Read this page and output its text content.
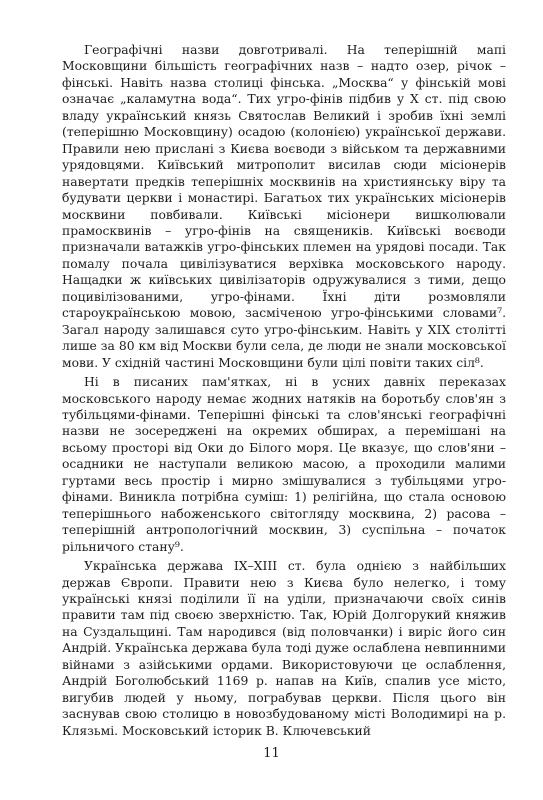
Географічні назви довготривалі. На теперішній мапі Московщини більшість географічних назв – надто озер, річок – фінські. Навіть назва столиці фінська. „Москва“ у фінській мові означає „каламутна вода“. Тих угро-фінів підбив у Х ст. під свою владу український князь Святослав Великий і зробив їхні землі (теперішню Московщину) осадою (колонією) української держави. Правили нею прислані з Києва воєводи з військом та державними урядовцями. Київський митрополит висилав сюди місіонерів навертати предків теперішніх москвинів на християнську віру та будувати церкви і монастирі. Багатьох тих українських місіонерів москвини повбивали. Київські місіонери вишколювали прамосквинів – угро-фінів на священиків. Київські воєводи призначали ватажків угро-фінських племен на урядові посади. Так помалу почала цивілізуватися верхівка московського народу. Нащадки ж київських цивілізаторів одружувалися з тими, дещо поцивілізованими, угро-фінами. Їхні діти розмовляли староукраїнською мовою, засміченою угро-фінськими словами⁷. Загал народу залишався суто угро-фінським. Навіть у XIX столітті лише за 80 км від Москви були села, де люди не знали московської мови. У східній частині Московщини були цілі повіти таких сіл⁸.

Ні в писаних пам'ятках, ні в усних давніх переказах московського народу немає жодних натяків на боротьбу слов'ян з тубільцями-фінами. Теперішні фінські та слов'янські географічні назви не зосереджені на окремих обширах, а перемішані на всьому просторі від Оки до Білого моря. Це вказує, що слов'яни – осадники не наступали великою масою, а проходили малими гуртами весь простір і мирно змішувалися з тубільцями угро-фінами. Виникла потрібна суміш: 1) релігійна, що стала основою теперішнього набоженського світогляду москвина, 2) расова – теперішній антропологічний москвин, 3) суспільна – початок рільничого стану⁹.

Українська держава IX–XIII ст. була однією з найбільших держав Європи. Правити нею з Києва було нелегко, і тому українські князі поділили її на уділи, призначаючи своїх синів правити там під своєю зверхністю. Так, Юрій Долгорукий княжив на Суздальщині. Там народився (від половчанки) і виріс його син Андрій. Українська держава була тоді дуже ослаблена невпинними війнами з азійськими ордами. Використовуючи це ослаблення, Андрій Боголюбський 1169 р. напав на Київ, спалив усе місто, вигубив людей у ньому, пограбував церкви. Після цього він заснував свою столицю в новозбудованому місті Володимирі на р. Клязьмі. Московський історик В. Ключевський

11
